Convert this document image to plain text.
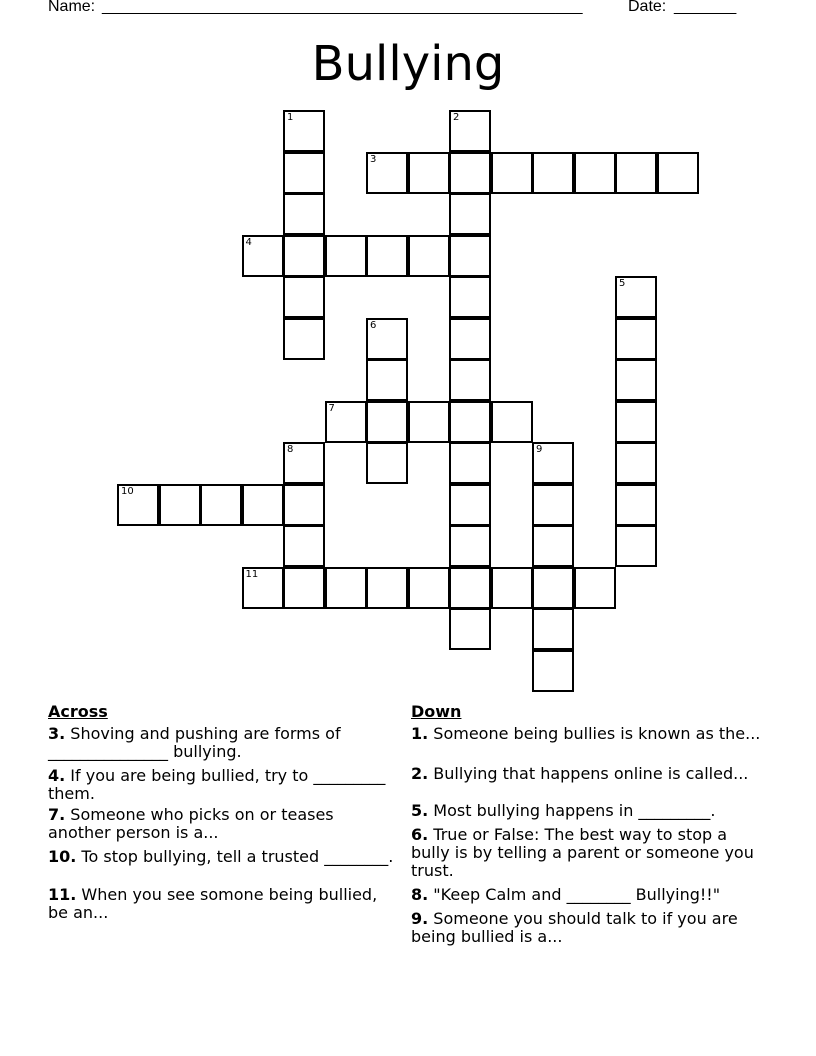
Name: ______________________________________________________	Date: _______
Bullying
1	2
3
4
5
6
7
8	9
10
11
Across
3. Shoving and pushing are forms of _______________ bullying.
4. If you are being bullied, try to _________ them.
7. Someone who picks on or teases another person is a...
10. To stop bullying, tell a trusted ________.
11. When you see somone being bullied, be an...
Down
1. Someone being bullies is known as the...
2. Bullying that happens online is called...
5. Most bullying happens in _________.
6. True or False: The best way to stop a bully is by telling a parent or someone you trust.
8. "Keep Calm and ________ Bullying!!"
9. Someone you should talk to if you are being bullied is a...
